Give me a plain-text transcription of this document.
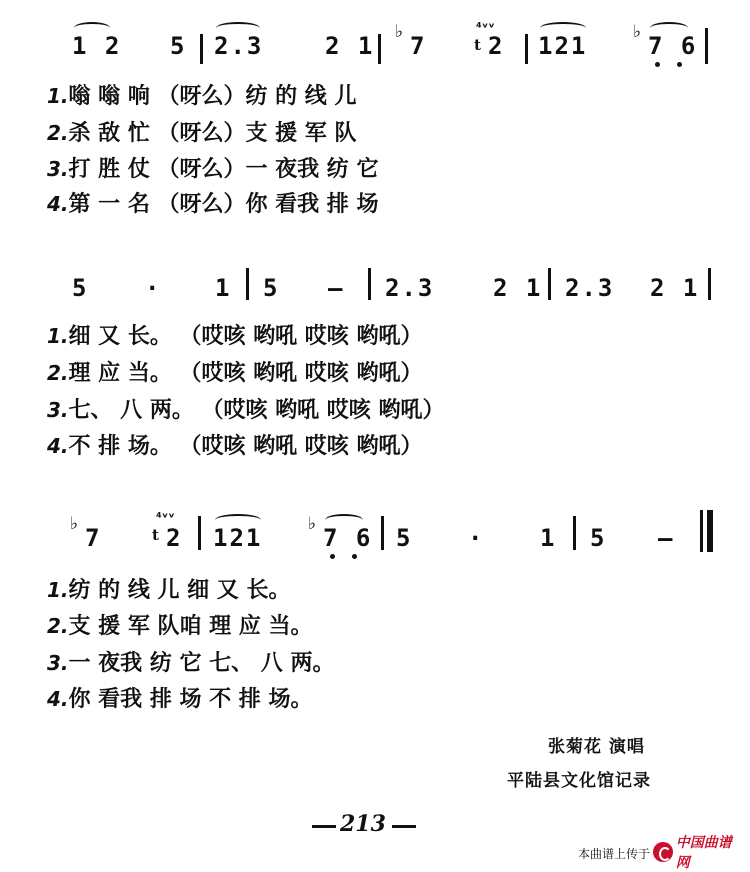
1 2 5 2.3	2 1 ♭ 7
⁴ᵛᵛ
t 2 121	♭ 7 6
1.嗡 嗡 响 （呀么）纺 的 线 儿
2.杀 敌 忙 （呀么）支 援 军 队
3.打 胜 仗 （呀么）一 夜我 纺 它
4.第 一 名 （呀么）你 看我 排 场
5 · 1 5 — 2.3 2 1 2.3 2 1
1.细 又 长。 （哎咳 哟吼 哎咳 哟吼）
2.理 应 当。 （哎咳 哟吼 哎咳 哟吼）
3.七、 八 两。 （哎咳 哟吼 哎咳 哟吼）
4.不 排 场。 （哎咳 哟吼 哎咳 哟吼）
♭ 7
⁴ᵛᵛ
t 2 121	♭ 7 6 5 · 1 5 —
1.纺 的 线 儿 细 又 长。
2.支 援 军 队咱 理 应 当。
3.一 夜我 纺 它 七、 八 两。
4.你 看我 排 场 不 排 场。
张菊花 演唱
平陆县文化馆记录
213
本曲谱上传于
中国曲谱网
